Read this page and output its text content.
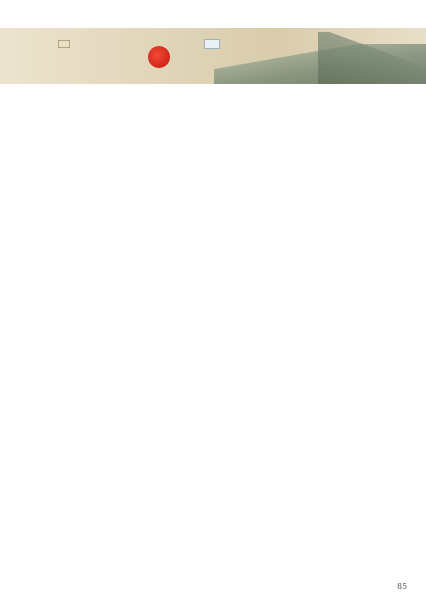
85
